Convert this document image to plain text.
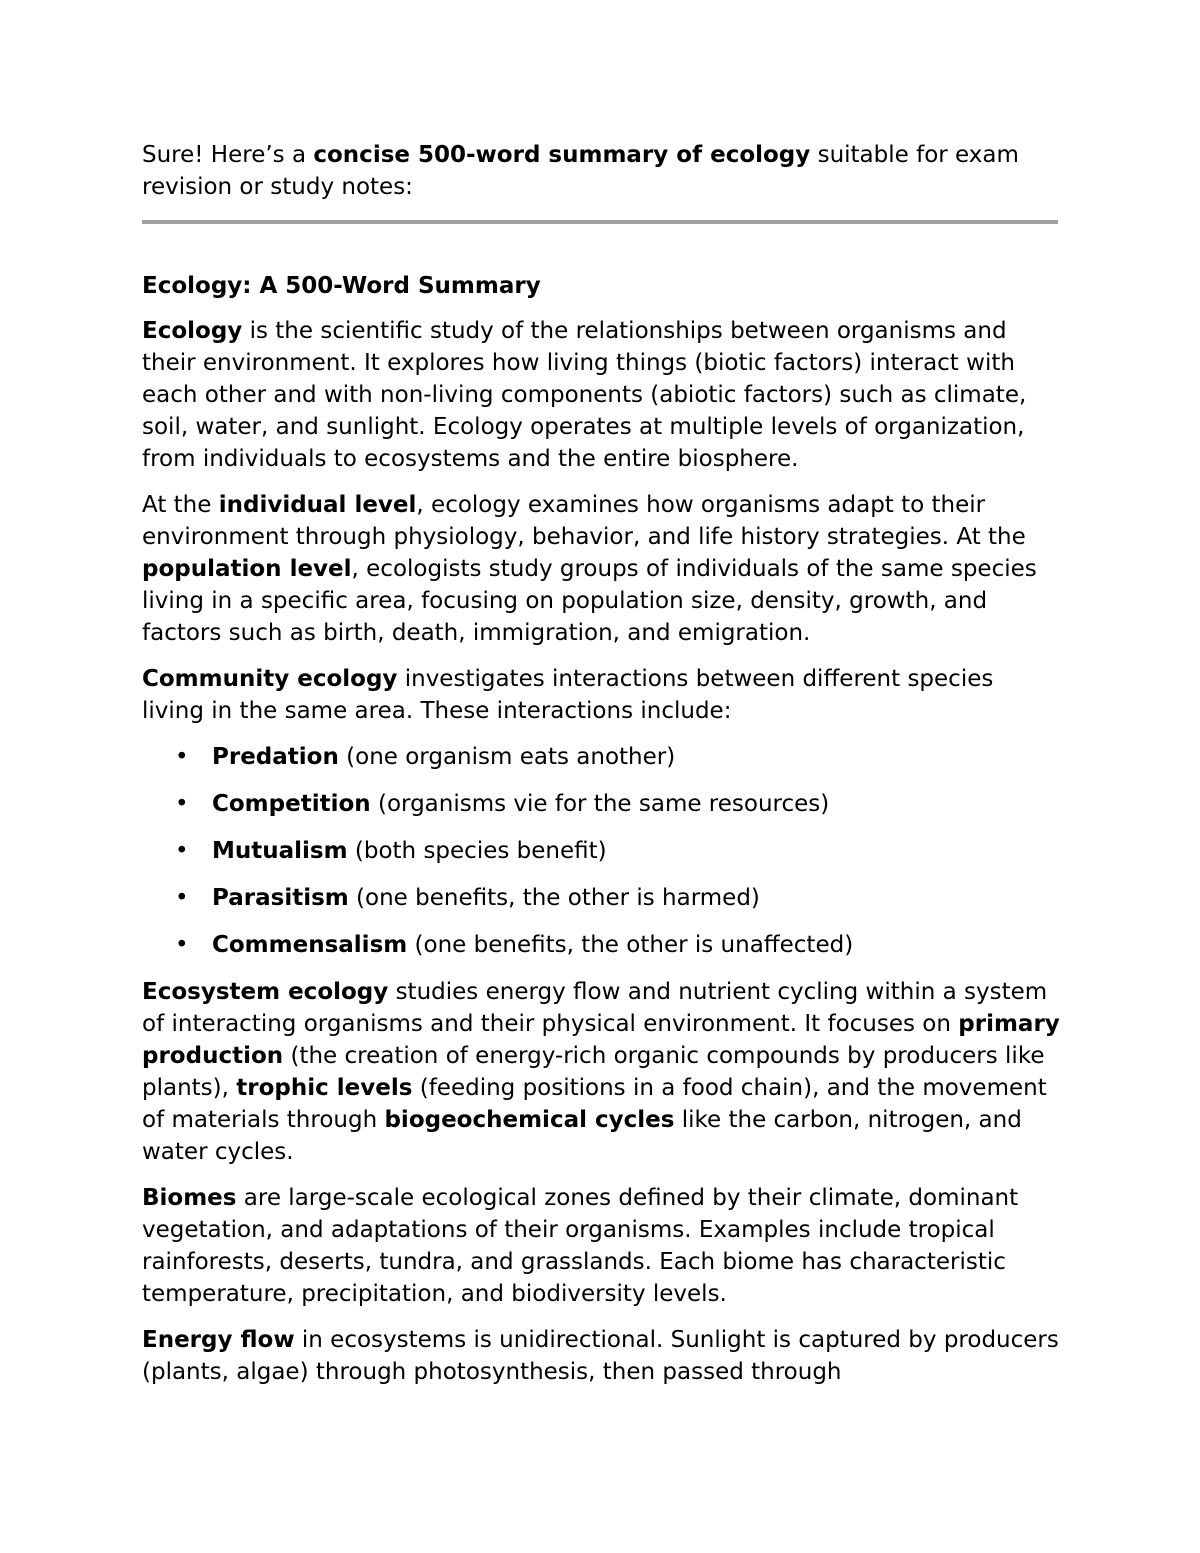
Sure! Here’s a concise 500-word summary of ecology suitable for exam revision or study notes:

Ecology: A 500-Word Summary

Ecology is the scientific study of the relationships between organisms and their environment. It explores how living things (biotic factors) interact with each other and with non-living components (abiotic factors) such as climate, soil, water, and sunlight. Ecology operates at multiple levels of organization, from individuals to ecosystems and the entire biosphere.

At the individual level, ecology examines how organisms adapt to their environment through physiology, behavior, and life history strategies. At the population level, ecologists study groups of individuals of the same species living in a specific area, focusing on population size, density, growth, and factors such as birth, death, immigration, and emigration.

Community ecology investigates interactions between different species living in the same area. These interactions include:

• Predation (one organism eats another)
• Competition (organisms vie for the same resources)
• Mutualism (both species benefit)
• Parasitism (one benefits, the other is harmed)
• Commensalism (one benefits, the other is unaffected)

Ecosystem ecology studies energy flow and nutrient cycling within a system of interacting organisms and their physical environment. It focuses on primary production (the creation of energy-rich organic compounds by producers like plants), trophic levels (feeding positions in a food chain), and the movement of materials through biogeochemical cycles like the carbon, nitrogen, and water cycles.

Biomes are large-scale ecological zones defined by their climate, dominant vegetation, and adaptations of their organisms. Examples include tropical rainforests, deserts, tundra, and grasslands. Each biome has characteristic temperature, precipitation, and biodiversity levels.

Energy flow in ecosystems is unidirectional. Sunlight is captured by producers (plants, algae) through photosynthesis, then passed through
